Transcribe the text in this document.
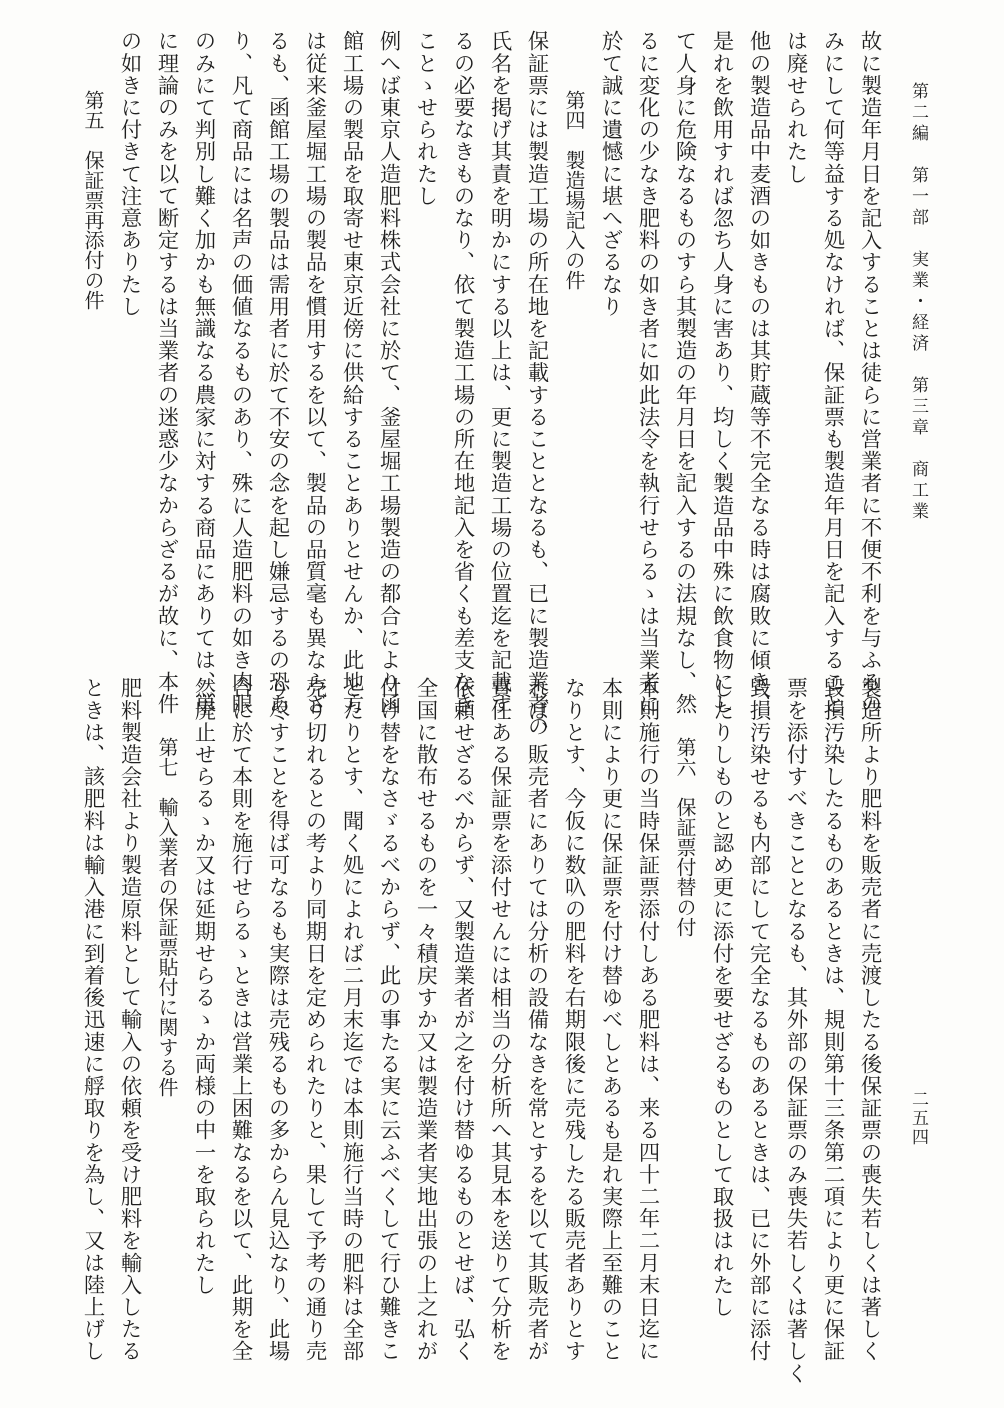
第二編　第一部　実業・経済　第三章　商工業
二五四
故に製造年月日を記入することは徒らに営業者に不便不利を与ふるの
みにして何等益する処なければ、保証票も製造年月日を記入すること
は廃せられたし
他の製造品中麦酒の如きものは其貯蔵等不完全なる時は腐敗に傾き、
是れを飲用すれば忽ち人身に害あり、均しく製造品中殊に飲食物にし
て人身に危険なるものすら其製造の年月日を記入するの法規なし、然
るに変化の少なき肥料の如き者に如此法令を執行せらるゝは当業者に
於て誠に遺憾に堪へざるなり
第四　製造場記入の件
保証票には製造工場の所在地を記載することとなるも、已に製造業者の
氏名を掲げ其責を明かにする以上は、更に製造工場の位置迄を記載す
るの必要なきものなり、依て製造工場の所在地記入を省くも差支なき
ことゝせられたし
例へば東京人造肥料株式会社に於て、釜屋堀工場製造の都合により函
館工場の製品を取寄せ東京近傍に供給することありとせんか、此地方
は従来釜屋堀工場の製品を慣用するを以て、製品の品質毫も異ならざ
るも、函館工場の製品は需用者に於て不安の念を起し嫌忌するの恐あ
り、凡て商品には名声の価値なるものあり、殊に人造肥料の如き肉眼
のみにて判別し難く加かも無識なる農家に対する商品にありては、単
に理論のみを以て断定するは当業者の迷惑少なからざるが故に、本件
の如きに付きて注意ありたし
第五　保証票再添付の件
製造所より肥料を販売者に売渡したる後保証票の喪失若しくは著しく
毀損汚染したるものあるときは、規則第十三条第二項により更に保証
票を添付すべきこととなるも、其外部の保証票のみ喪失若しくは著しく
毀損汚染せるも内部にして完全なるものあるときは、已に外部に添付
したりしものと認め更に添付を要せざるものとして取扱はれたし
第六　保証票付替の付
本則施行の当時保証票添付しある肥料は、来る四十二年二月末日迄に
本則により更に保証票を付け替ゆべしとあるも是れ実際上至難のこと
なりとす、今仮に数叺の肥料を右期限後に売残したる販売者ありとす
れば、販売者にありては分析の設備なきを常とするを以て其販売者が
責任ある保証票を添付せんには相当の分析所へ其見本を送りて分析を
依頼せざるべからず、又製造業者が之を付け替ゆるものとせば、弘く
全国に散布せるものを一々積戻すか又は製造業者実地出張の上之れが
付け替をなさゞるべからず、此の事たる実に云ふべくして行ひ難きこ
とたりとす、聞く処によれば二月末迄では本則施行当時の肥料は全部
売り切れるとの考より同期日を定められたりと、果して予考の通り売
り尽すことを得ば可なるも実際は売残るもの多からん見込なり、此場
合に於て本則を施行せらるゝときは営業上困難なるを以て、此期を全
然廃止せらるゝか又は延期せらるゝか両様の中一を取られたし
第七　輸入業者の保証票貼付に関する件
肥料製造会社より製造原料として輸入の依頼を受け肥料を輸入したる
ときは、該肥料は輸入港に到着後迅速に艀取りを為し、又は陸上げし
